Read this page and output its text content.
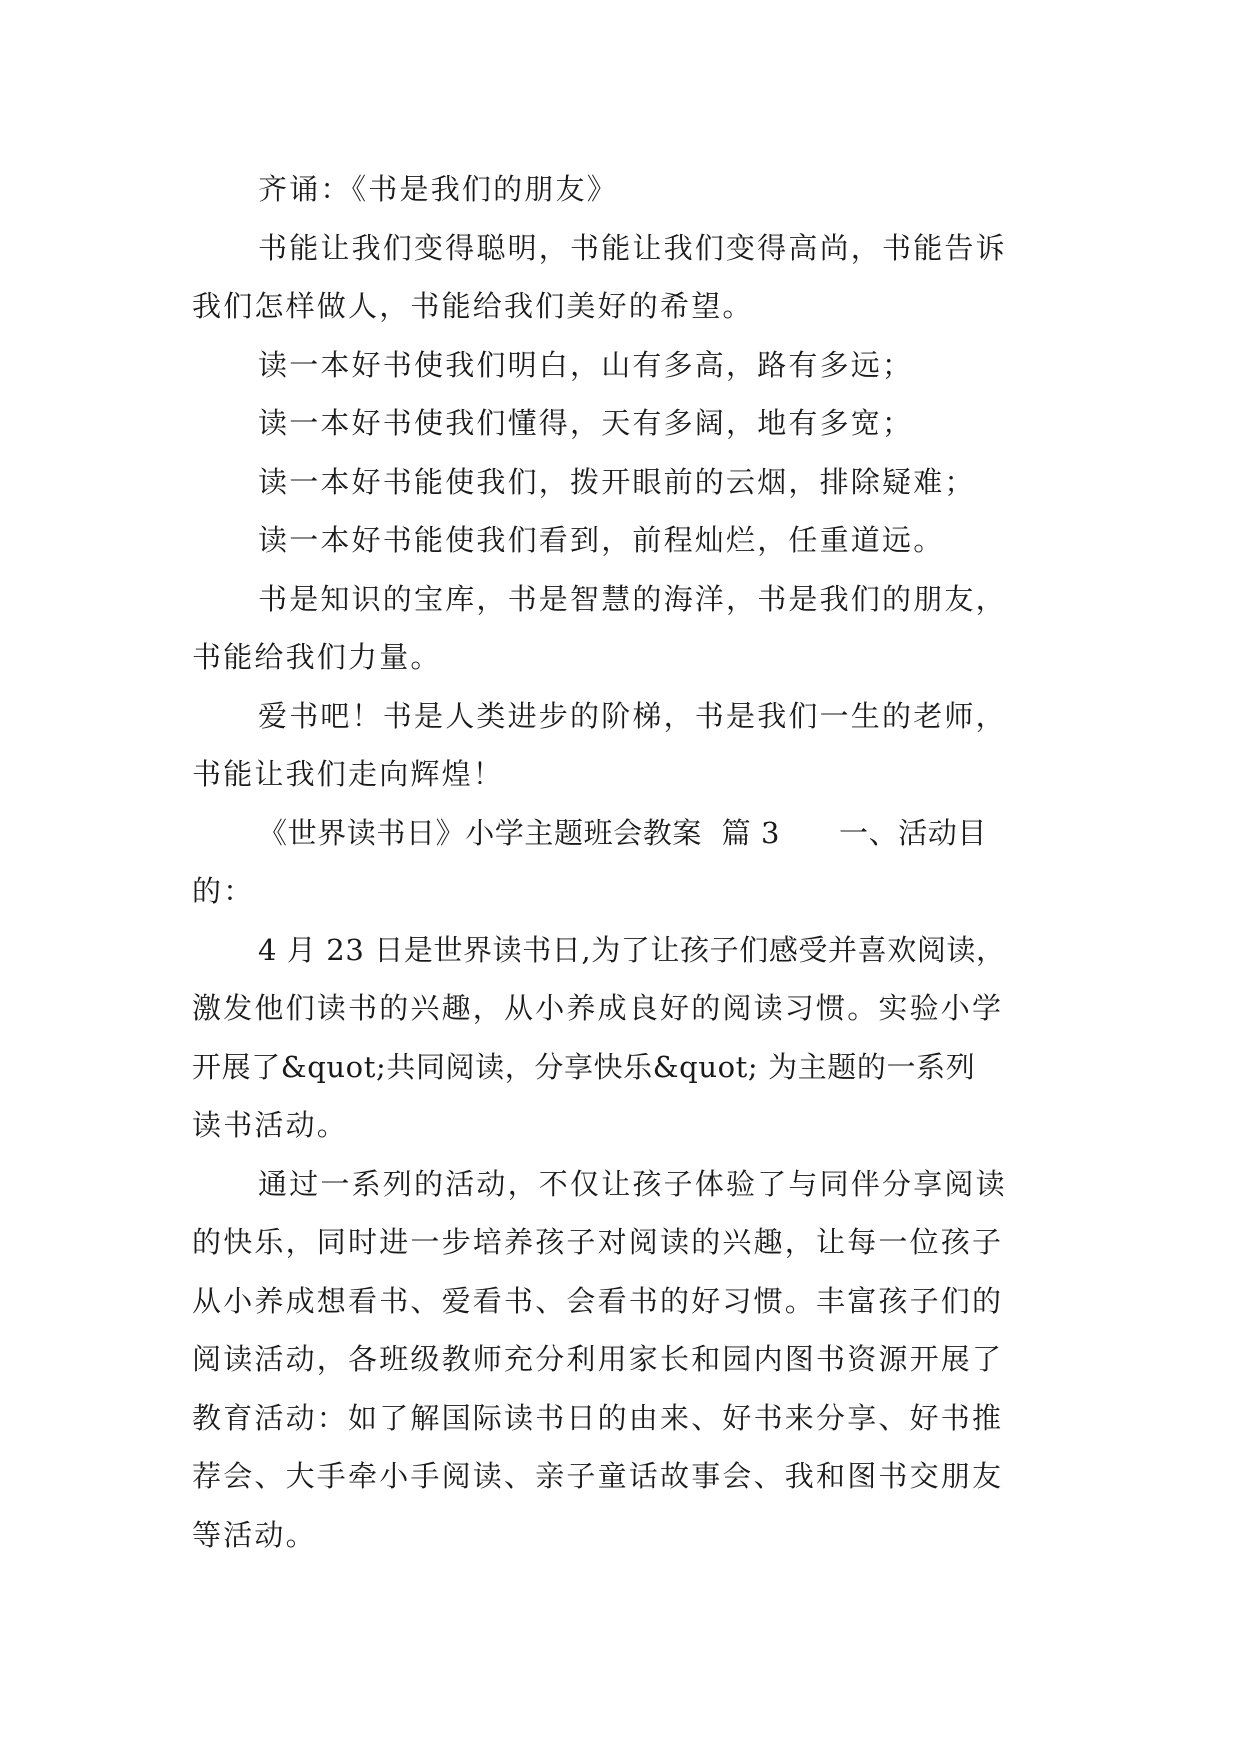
齐诵：《书是我们的朋友》
书能让我们变得聪明，书能让我们变得高尚，书能告诉
我们怎样做人，书能给我们美好的希望。
读一本好书使我们明白，山有多高，路有多远；
读一本好书使我们懂得，天有多阔，地有多宽；
读一本好书能使我们，拨开眼前的云烟，排除疑难；
读一本好书能使我们看到，前程灿烂，任重道远。
书是知识的宝库，书是智慧的海洋，书是我们的朋友，
书能给我们力量。
爱书吧！书是人类进步的阶梯，书是我们一生的老师，
书能让我们走向辉煌！
《世界读书日》小学主题班会教案  篇 3      一、活动目
的：
4 月 23 日是世界读书日,为了让孩子们感受并喜欢阅读，
激发他们读书的兴趣，从小养成良好的阅读习惯。实验小学
开展了&quot;共同阅读，分享快乐&quot; 为主题的一系列
读书活动。
通过一系列的活动，不仅让孩子体验了与同伴分享阅读
的快乐，同时进一步培养孩子对阅读的兴趣，让每一位孩子
从小养成想看书、爱看书、会看书的好习惯。丰富孩子们的
阅读活动，各班级教师充分利用家长和园内图书资源开展了
教育活动：如了解国际读书日的由来、好书来分享、好书推
荐会、大手牵小手阅读、亲子童话故事会、我和图书交朋友
等活动。
